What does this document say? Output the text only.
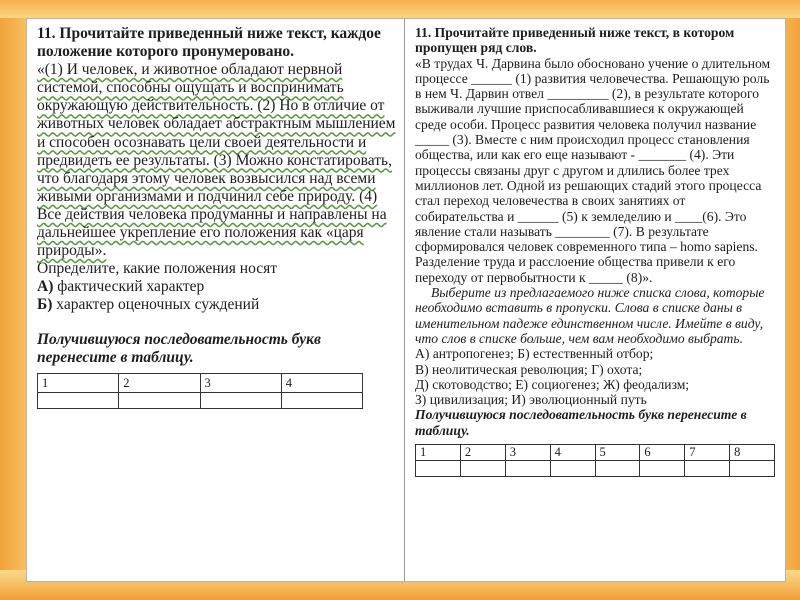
11. Прочитайте приведенный ниже текст, каждое положение которого пронумеровано.

«(1) И человек, и животное обладают нервной системой, способны ощущать и воспринимать окружающую действительность. (2) Но в отличие от животных человек обладает абстрактным мышлением и способен осознавать цели своей деятельности и предвидеть ее результаты. (3) Можно констатировать, что благодаря этому человек возвысился над всеми живыми организмами и подчинил себе природу. (4) Все действия человека продуманны и направлены на дальнейшее укрепление его положения как «царя природы».

Определите, какие положения носят

А) фактический характер

Б) характер оценочных суждений

Получившуюся последовательность букв перенесите в таблицу.

1	2	3	4

11. Прочитайте приведенный ниже текст, в котором пропущен ряд слов.

«В трудах Ч. Дарвина было обосновано учение о длительном процессе ______ (1) развития человечества. Решающую роль в нем Ч. Дарвин отвел _________ (2), в результате которого выживали лучшие приспосабливавшиеся к окружающей среде особи. Процесс развития человека получил название _____ (3). Вместе с ним происходил процесс становления общества, или как его еще называют - _______ (4). Эти процессы связаны друг с другом и длились более трех миллионов лет. Одной из решающих стадий этого процесса стал переход человечества в своих занятиях от собирательства и ______ (5) к земледелию и ____(6). Это явление стали называть ________ (7). В результате сформировался человек современного типа – homo sapiens. Разделение труда и расслоение общества привели к его переходу от первобытности к _____ (8)».

Выберите из предлагаемого ниже списка слова, которые необходимо вставить в пропуски. Слова в списке даны в именительном падеже единственном числе. Имейте в виду, что слов в списке больше, чем вам необходимо выбрать.

А) антропогенез; Б) естественный отбор;

В) неолитическая революция; Г) охота;

Д) скотоводство; Е) социогенез; Ж) феодализм;

З) цивилизация; И) эволюционный путь

Получившуюся последовательность букв перенесите в таблицу.

1	2	3	4	5	6	7	8
